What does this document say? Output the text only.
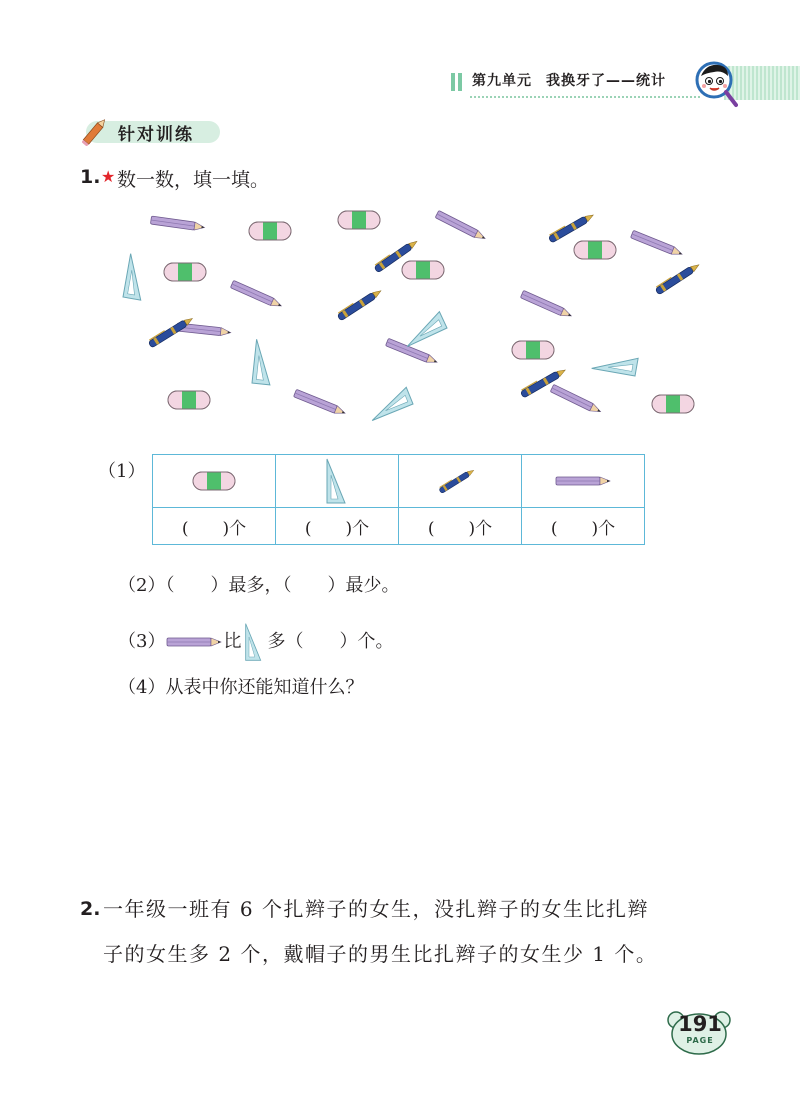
第九单元 我换牙了——统计
针对训练
1. ★ 数一数，填一填。
（1）

(　　)个	(　　)个	(　　)个	(　　)个
（2）（　　）最多，（　　）最少。
（3）	比 多（　　）个。
（4）从表中你还能知道什么？
2. 一年级一班有 6 个扎辫子的女生，没扎辫子的女生比扎辫
子的女生多 2 个，戴帽子的男生比扎辫子的女生少 1 个。
191
PAGE
